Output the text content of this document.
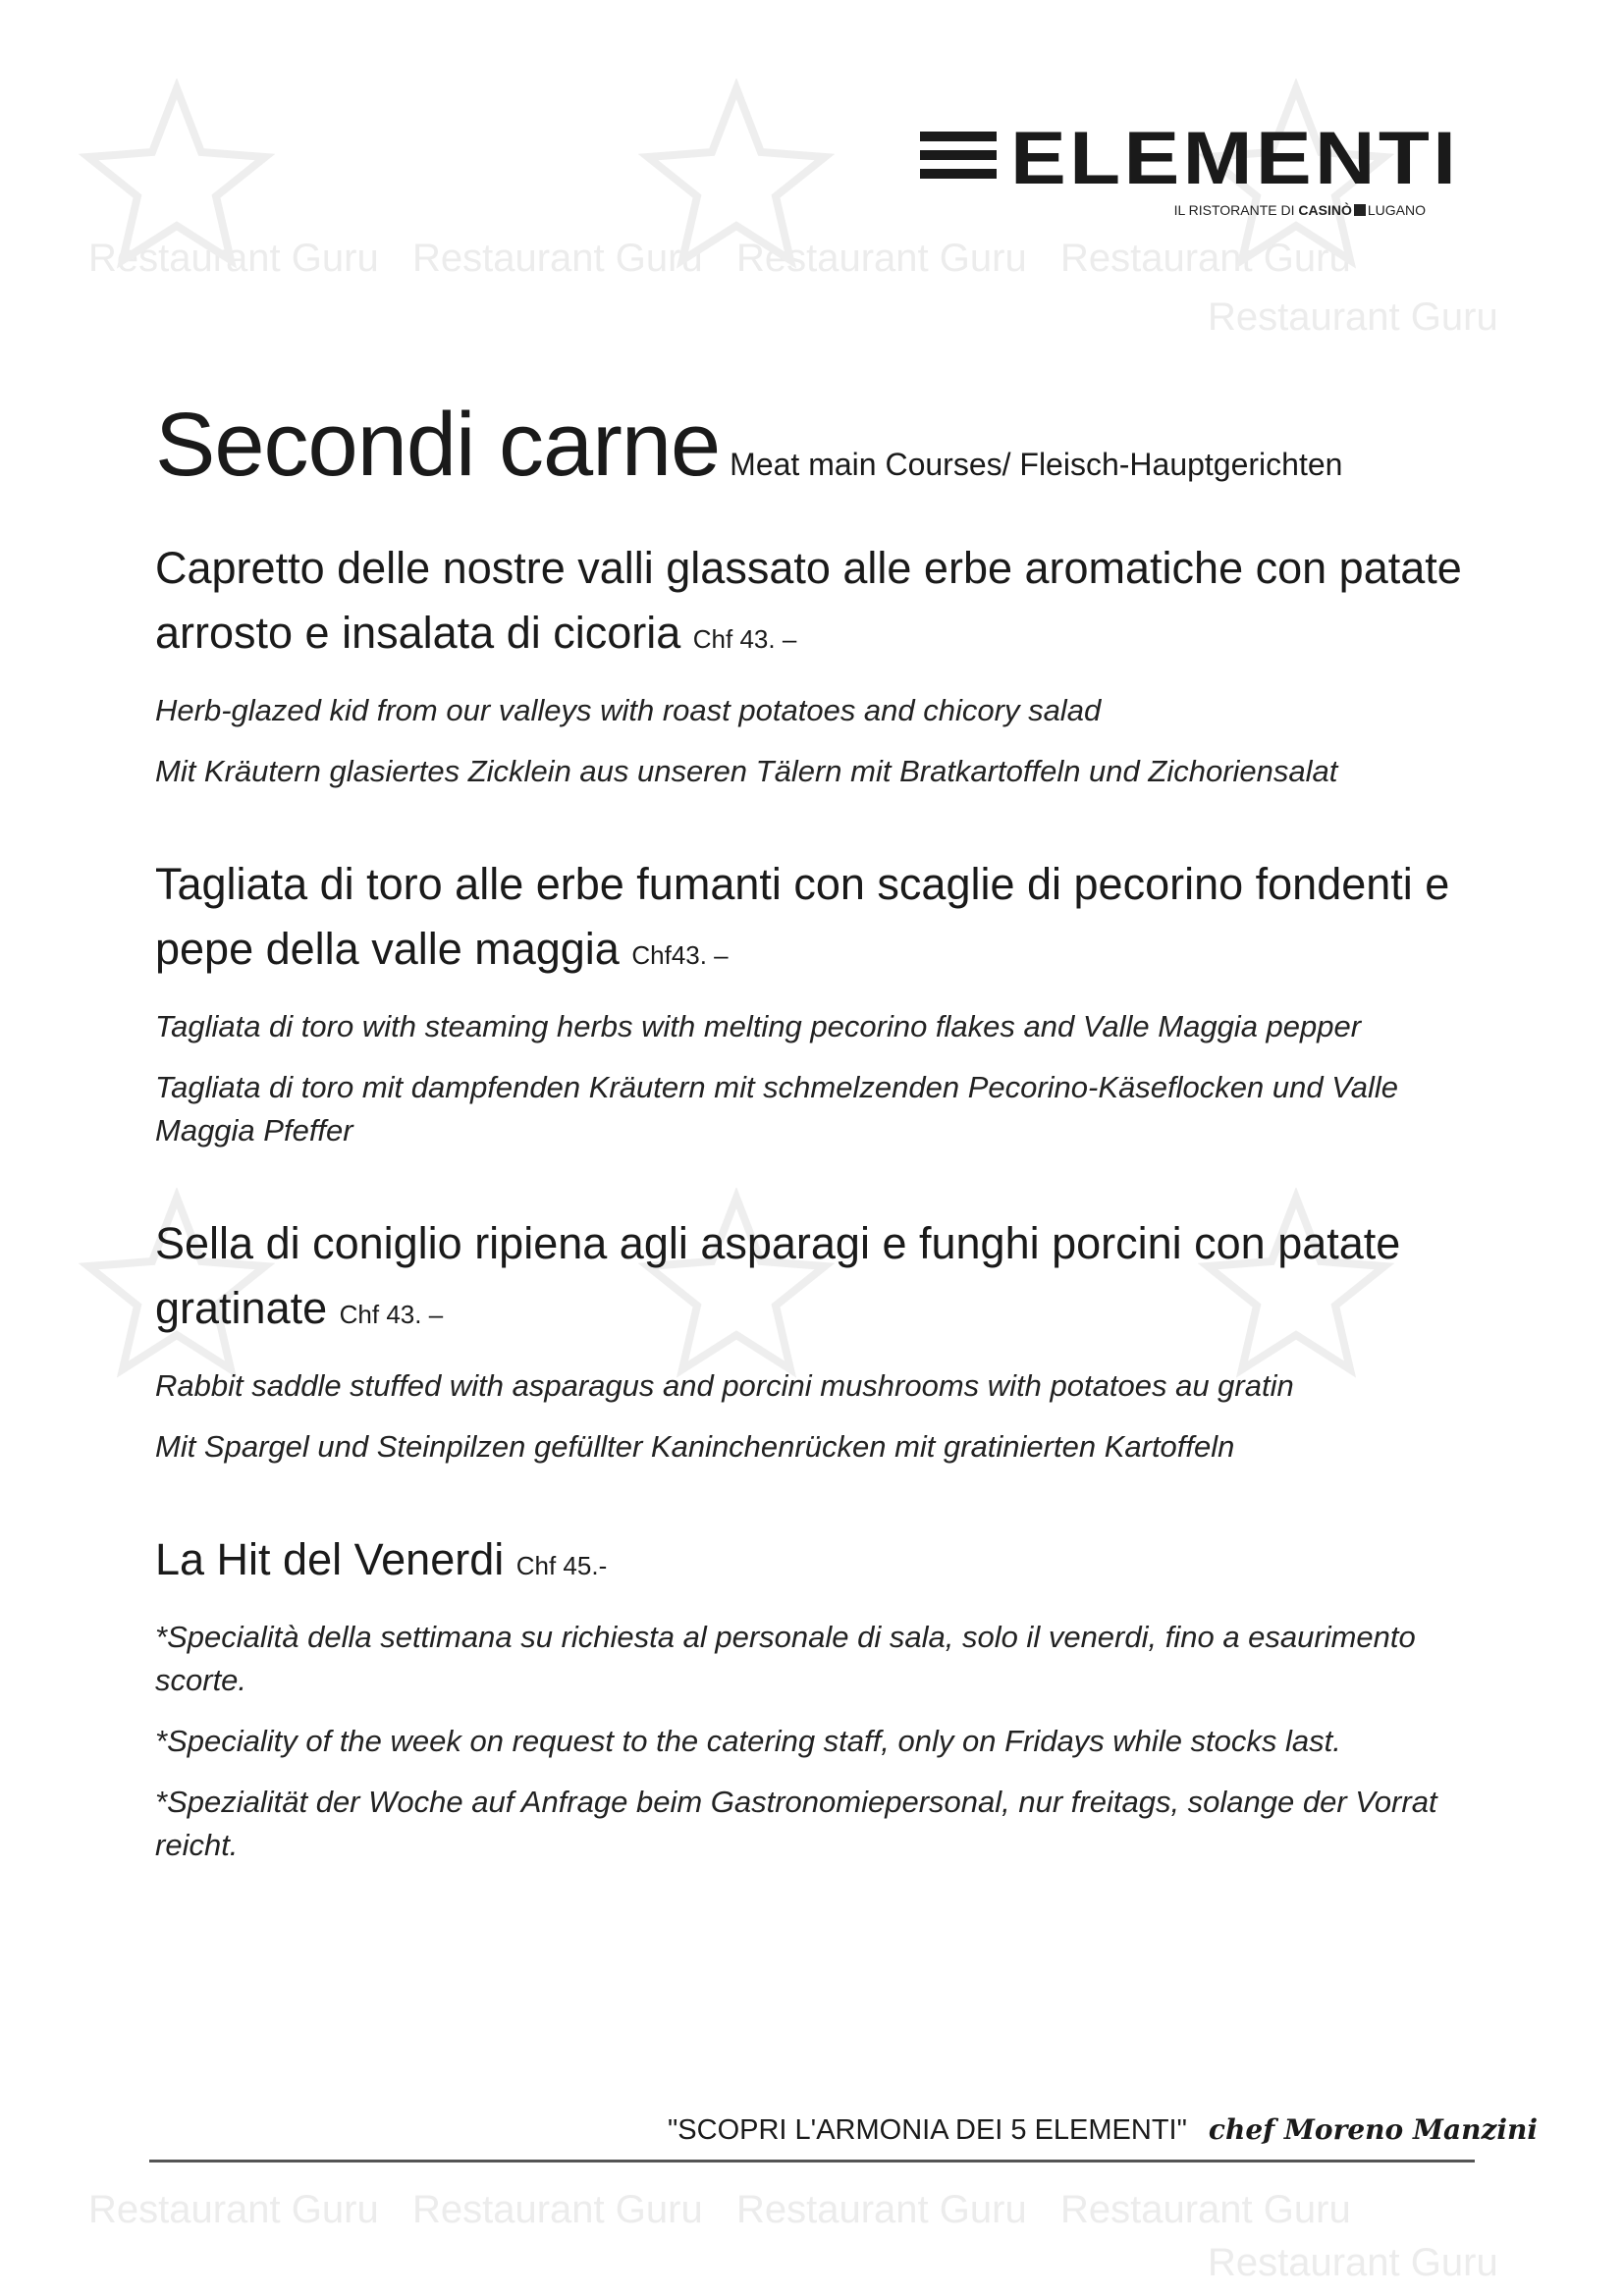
Restaurant Guru Restaurant Guru Restaurant Guru Restaurant Guru
Restaurant Guru
Restaurant Guru Restaurant Guru Restaurant Guru Restaurant Guru
Restaurant Guru
ELEMENTI
IL RISTORANTE DI CASINÒ LUGANO
Secondi carne Meat main Courses/ Fleisch-Hauptgerichten
Capretto delle nostre valli glassato alle erbe aromatiche con patate arrosto e insalata di cicoria Chf 43. –
Herb-glazed kid from our valleys with roast potatoes and chicory salad
Mit Kräutern glasiertes Zicklein aus unseren Tälern mit Bratkartoffeln und Zichoriensalat
Tagliata di toro alle erbe fumanti con scaglie di pecorino fondenti e pepe della valle maggia Chf43. –
Tagliata di toro with steaming herbs with melting pecorino flakes and Valle Maggia pepper
Tagliata di toro mit dampfenden Kräutern mit schmelzenden Pecorino-Käseflocken und Valle Maggia Pfeffer
Sella di coniglio ripiena agli asparagi e funghi porcini con patate gratinate Chf 43. –
Rabbit saddle stuffed with asparagus and porcini mushrooms with potatoes au gratin
Mit Spargel und Steinpilzen gefüllter Kaninchenrücken mit gratinierten Kartoffeln
La Hit del Venerdi Chf 45.-
*Specialità della settimana su richiesta al personale di sala, solo il venerdi, fino a esaurimento scorte.
*Speciality of the week on request to the catering staff, only on Fridays while stocks last.
*Spezialität der Woche auf Anfrage beim Gastronomiepersonal, nur freitags, solange der Vorrat reicht.
"SCOPRI L'ARMONIA DEI 5 ELEMENTI" chef Moreno Manzini
